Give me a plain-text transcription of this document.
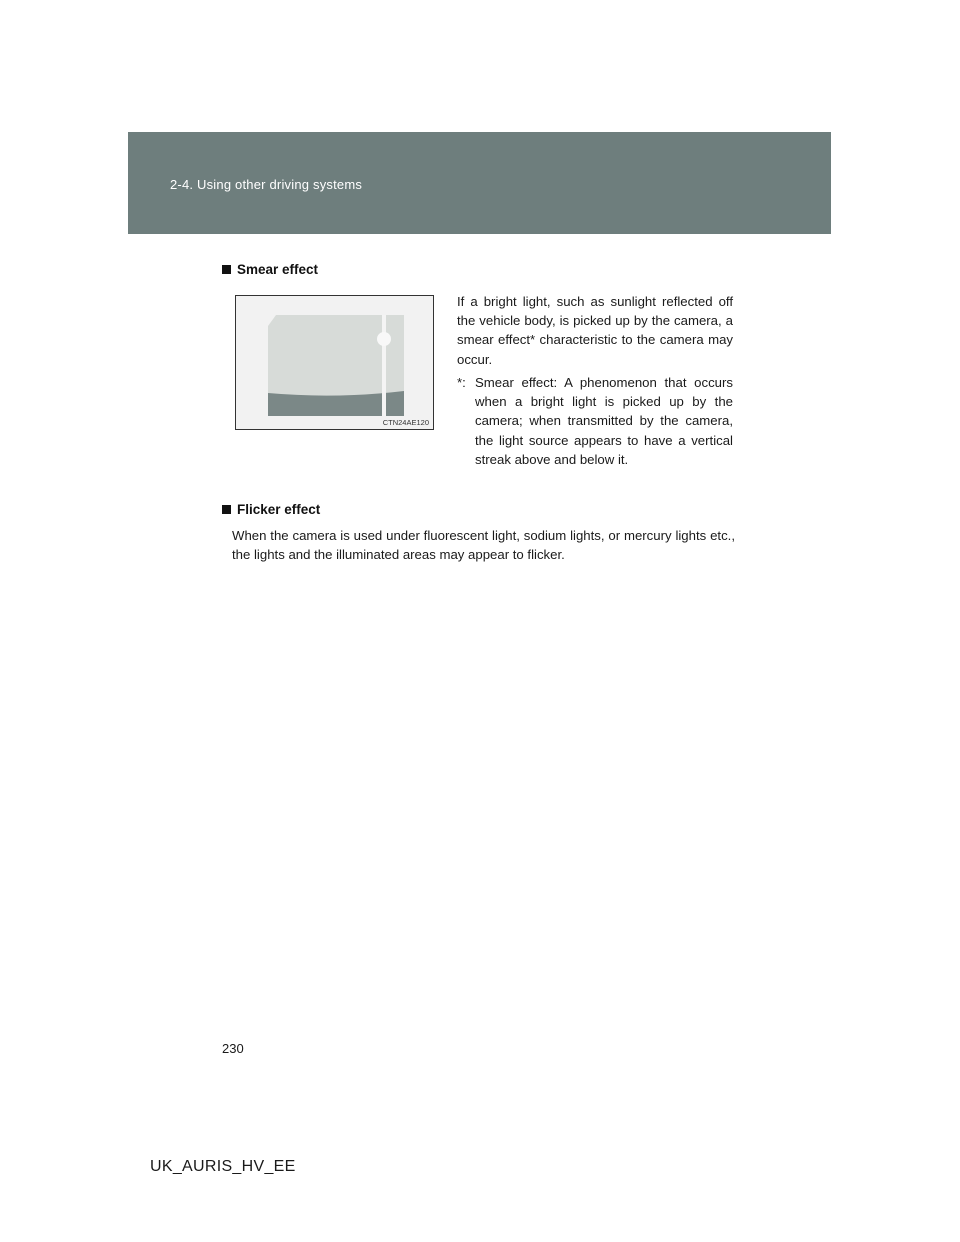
2-4. Using other driving systems
Smear effect
CTN24AE120
If a bright light, such as sunlight reflected off the vehicle body, is picked up by the camera, a smear effect* characteristic to the camera may occur.
*: Smear effect: A phenomenon that occurs when a bright light is picked up by the camera; when transmitted by the camera, the light source appears to have a vertical streak above and below it.
Flicker effect
When the camera is used under fluorescent light, sodium lights, or mercury lights etc., the lights and the illuminated areas may appear to flicker.
230
UK_AURIS_HV_EE
